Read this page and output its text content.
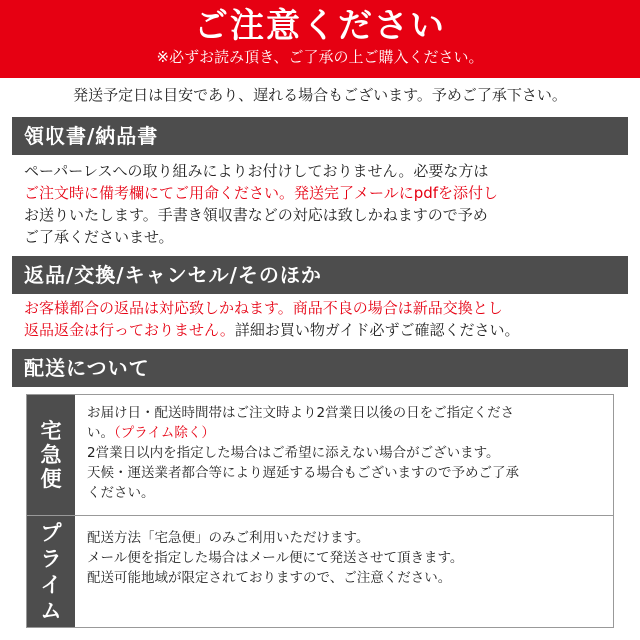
ご注意ください
※必ずお読み頂き、ご了承の上ご購入ください。
発送予定日は目安であり、遅れる場合もございます。予めご了承下さい。
領収書/納品書
ペーパーレスへの取り組みによりお付けしておりません。必要な方は
ご注文時に備考欄にてご用命ください。発送完了メールにpdfを添付し
お送りいたします。手書き領収書などの対応は致しかねますので予め
ご了承くださいませ。
返品/交換/キャンセル/そのほか
お客様都合の返品は対応致しかねます。商品不良の場合は新品交換とし
返品返金は行っておりません。詳細お買い物ガイド必ずご確認ください。
配送について
宅
急
便
お届け日・配送時間帯はご注文時より2営業日以後の日をご指定くださ
い。（プライム除く）
2営業日以内を指定した場合はご希望に添えない場合がございます。
天候・運送業者都合等により遅延する場合もございますので予めご了承
ください。
プ
ラ
イ
ム
配送方法「宅急便」のみご利用いただけます。
メール便を指定した場合はメール便にて発送させて頂きます。
配送可能地域が限定されておりますので、ご注意ください。
